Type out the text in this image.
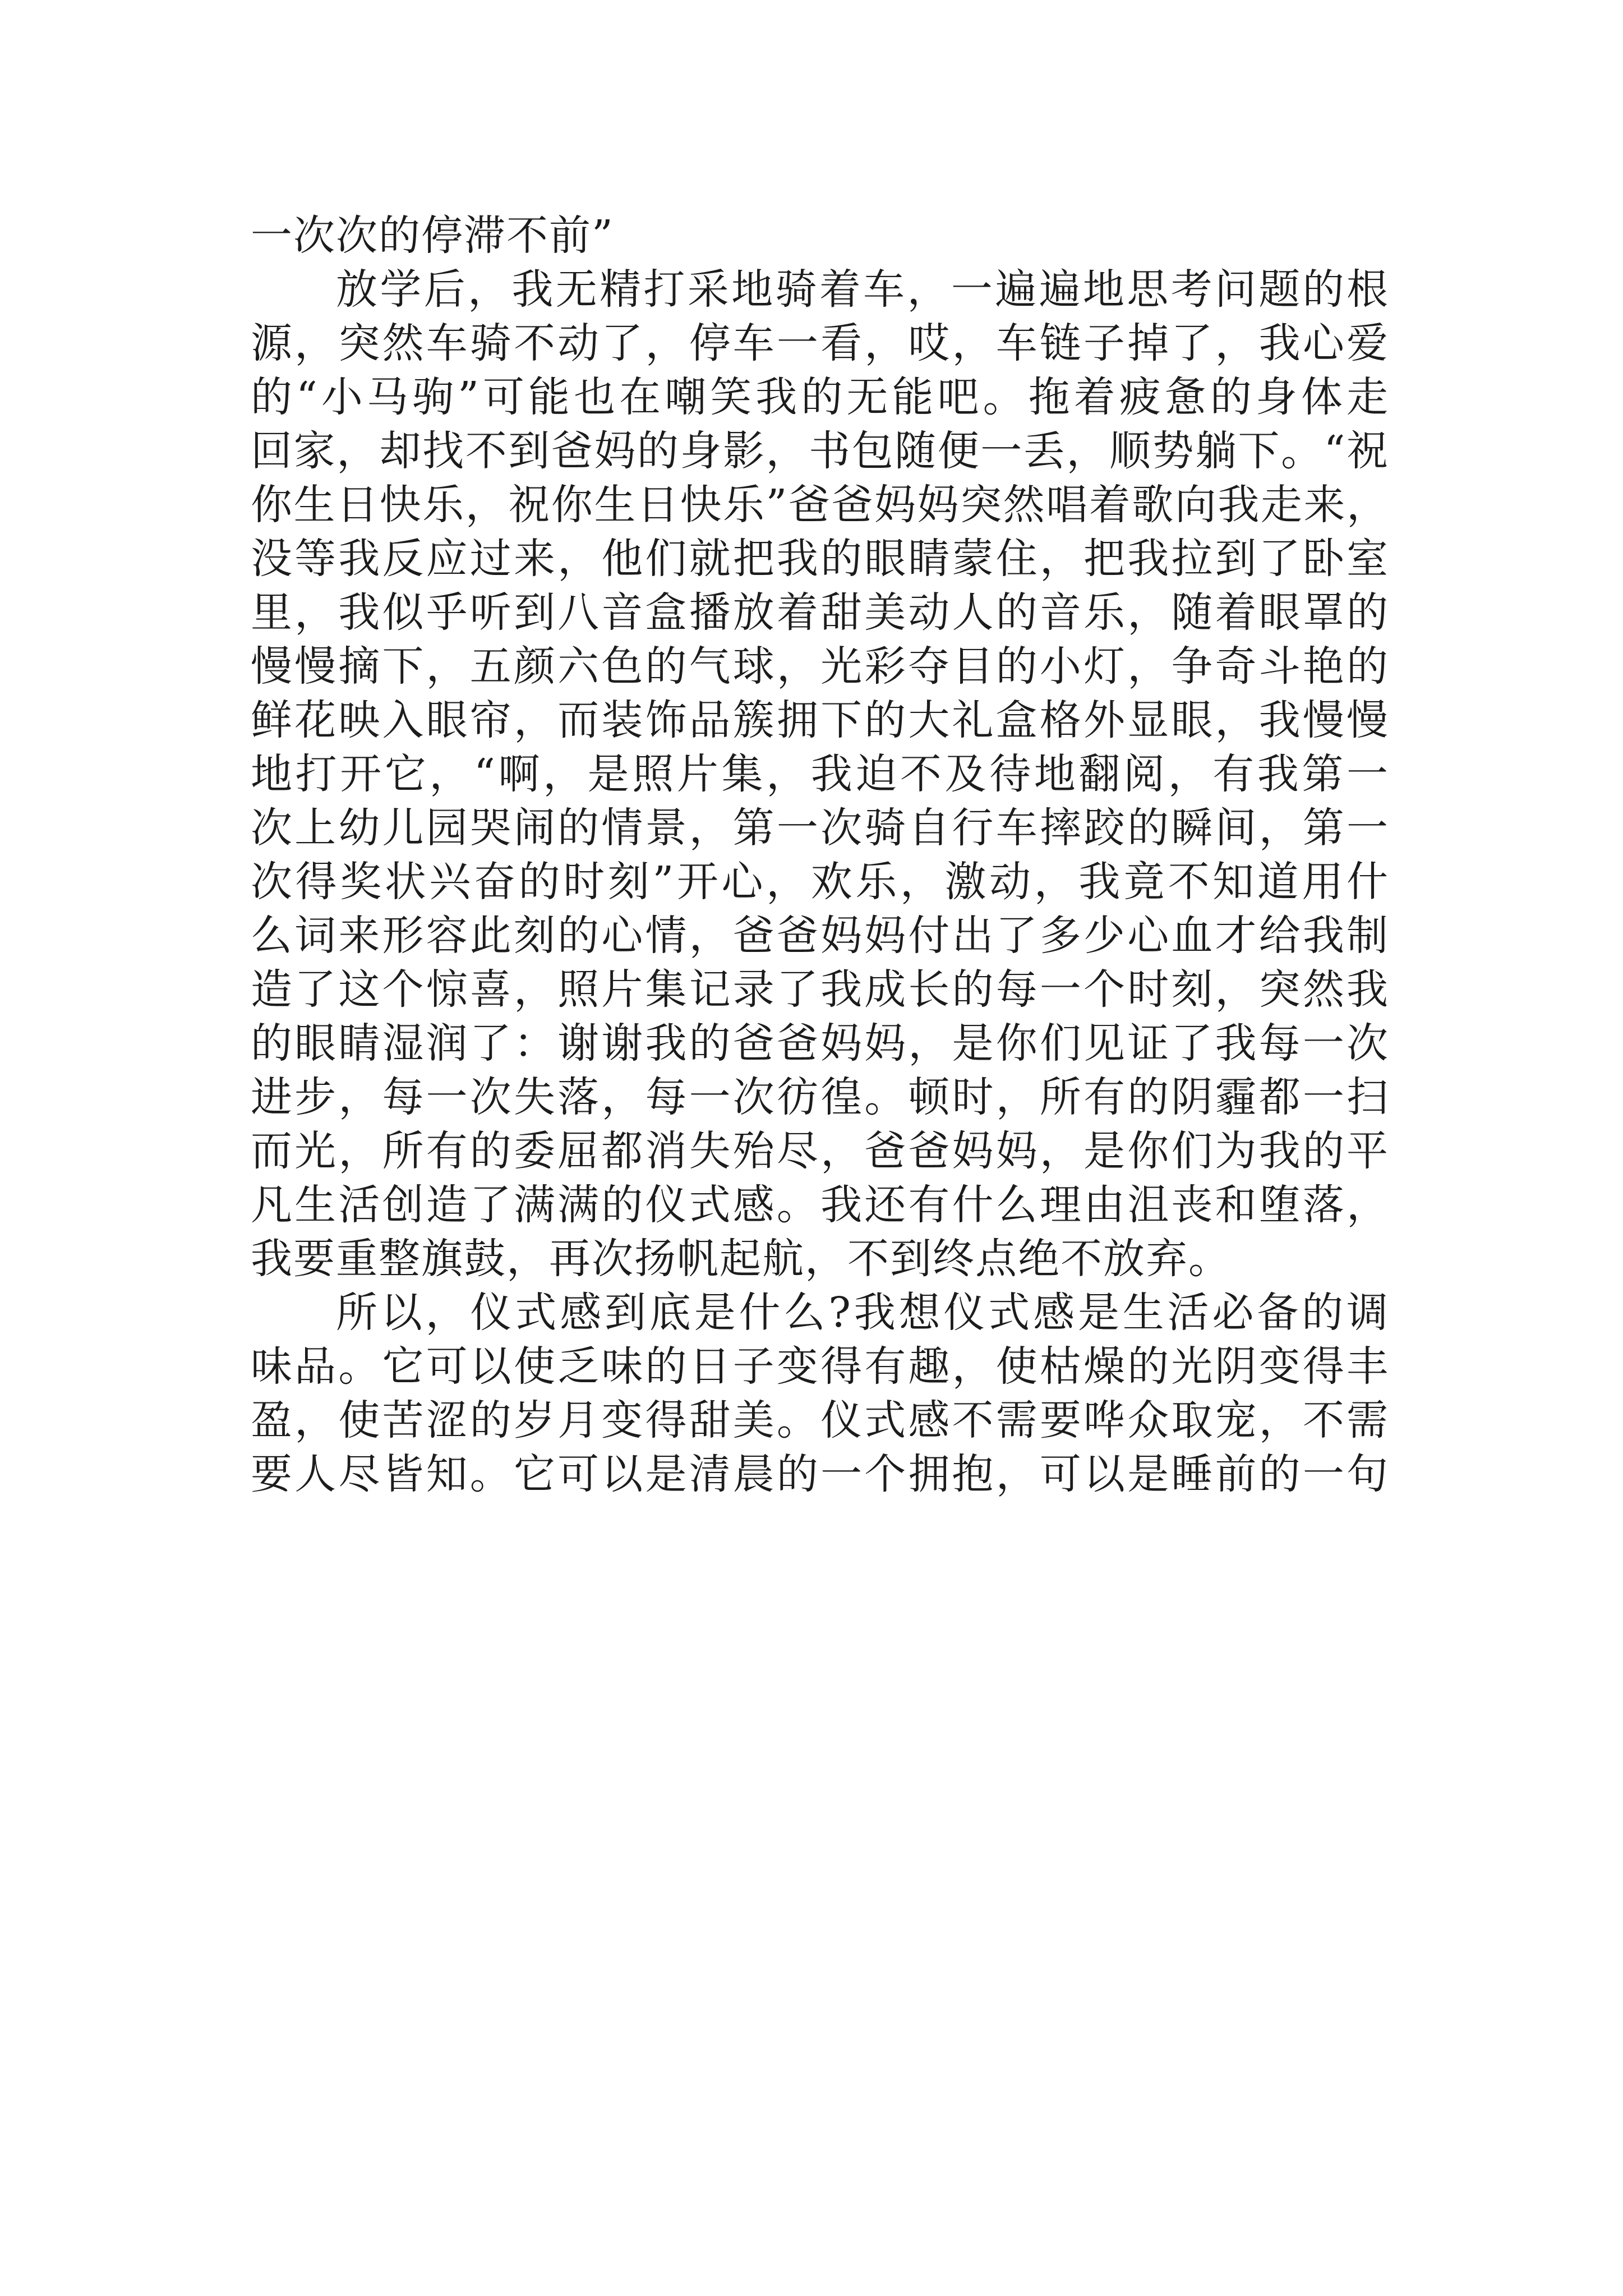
一次次的停滞不前”
放学后，我无精打采地骑着车，一遍遍地思考问题的根
源，突然车骑不动了，停车一看，哎，车链子掉了，我心爱
的“小马驹”可能也在嘲笑我的无能吧。拖着疲惫的身体走
回家，却找不到爸妈的身影，书包随便一丢，顺势躺下。“祝
你生日快乐，祝你生日快乐”爸爸妈妈突然唱着歌向我走来，
没等我反应过来，他们就把我的眼睛蒙住，把我拉到了卧室
里，我似乎听到八音盒播放着甜美动人的音乐，随着眼罩的
慢慢摘下，五颜六色的气球，光彩夺目的小灯，争奇斗艳的
鲜花映入眼帘，而装饰品簇拥下的大礼盒格外显眼，我慢慢
地打开它，“啊，是照片集，我迫不及待地翻阅，有我第一
次上幼儿园哭闹的情景，第一次骑自行车摔跤的瞬间，第一
次得奖状兴奋的时刻”开心，欢乐，激动，我竟不知道用什
么词来形容此刻的心情，爸爸妈妈付出了多少心血才给我制
造了这个惊喜，照片集记录了我成长的每一个时刻，突然我
的眼睛湿润了：谢谢我的爸爸妈妈，是你们见证了我每一次
进步，每一次失落，每一次彷徨。顿时，所有的阴霾都一扫
而光，所有的委屈都消失殆尽，爸爸妈妈，是你们为我的平
凡生活创造了满满的仪式感。我还有什么理由沮丧和堕落，
我要重整旗鼓，再次扬帆起航，不到终点绝不放弃。
所以，仪式感到底是什么?我想仪式感是生活必备的调
味品。它可以使乏味的日子变得有趣，使枯燥的光阴变得丰
盈，使苦涩的岁月变得甜美。仪式感不需要哗众取宠，不需
要人尽皆知。它可以是清晨的一个拥抱，可以是睡前的一句
